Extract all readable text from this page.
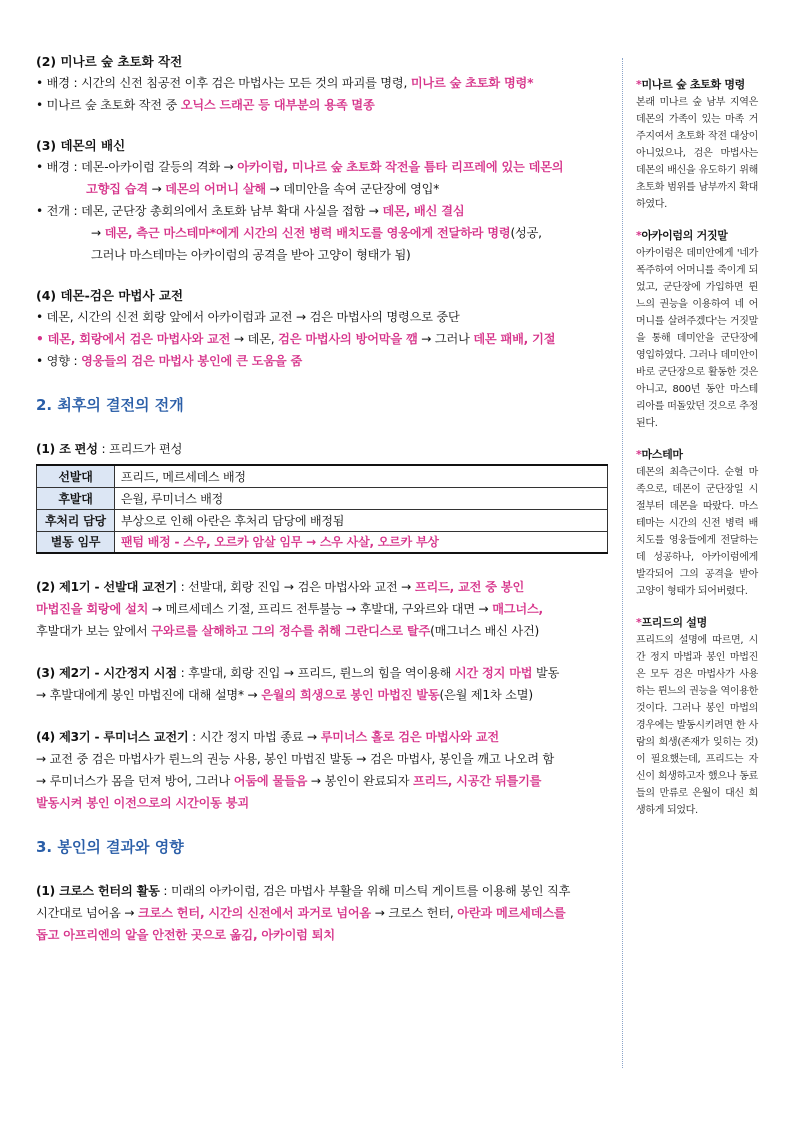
(2) 미나르 숲 초토화 작전
• 배경 : 시간의 신전 침공전 이후 검은 마법사는 모든 것의 파괴를 명령, 미나르 숲 초토화 명령*
• 미나르 숲 초토화 작전 중 오닉스 드래곤 등 대부분의 용족 멸종
(3) 데몬의 배신
• 배경 : 데몬-아카이럼 갈등의 격화 → 아카이럼, 미나르 숲 초토화 작전을 틈타 리프레에 있는 데몬의
고향집 습격 → 데몬의 어머니 살해 → 데미안을 속여 군단장에 영입*
• 전개 : 데몬, 군단장 총회의에서 초토화 남부 확대 사실을 접함 → 데몬, 배신 결심
→ 데몬, 측근 마스테마*에게 시간의 신전 병력 배치도를 영웅에게 전달하라 명령(성공,
그러나 마스테마는 아카이럼의 공격을 받아 고양이 형태가 됨)
(4) 데몬-검은 마법사 교전
• 데몬, 시간의 신전 회랑 앞에서 아카이럼과 교전 → 검은 마법사의 명령으로 중단
• 데몬, 회랑에서 검은 마법사와 교전 → 데몬, 검은 마법사의 방어막을 깸 → 그러나 데몬 패배, 기절
• 영향 : 영웅들의 검은 마법사 봉인에 큰 도움을 줌
2. 최후의 결전의 전개
(1) 조 편성 : 프리드가 편성
선발대	프리드, 메르세데스 배정
후발대	은월, 루미너스 배정
후처리 담당	부상으로 인해 아란은 후처리 담당에 배정됨
별동 임무	팬텀 배정 - 스우, 오르카 암살 임무 → 스우 사살, 오르카 부상
(2) 제1기 - 선발대 교전기 : 선발대, 회랑 진입 → 검은 마법사와 교전 → 프리드, 교전 중 봉인
마법진을 회랑에 설치 → 메르세데스 기절, 프리드 전투불능 → 후발대, 구와르와 대면 → 매그너스,
후발대가 보는 앞에서 구와르를 살해하고 그의 정수를 취해 그란디스로 탈주(매그너스 배신 사건)
(3) 제2기 - 시간정지 시점 : 후발대, 회랑 진입 → 프리드, 륀느의 힘을 역이용해 시간 정지 마법 발동
→ 후발대에게 봉인 마법진에 대해 설명* → 은월의 희생으로 봉인 마법진 발동(은월 제1차 소멸)
(4) 제3기 - 루미너스 교전기 : 시간 정지 마법 종료 → 루미너스 홀로 검은 마법사와 교전
→ 교전 중 검은 마법사가 륀느의 권능 사용, 봉인 마법진 발동 → 검은 마법사, 봉인을 깨고 나오려 함
→ 루미너스가 몸을 던져 방어, 그러나 어둠에 물들음 → 봉인이 완료되자 프리드, 시공간 뒤틀기를
발동시켜 봉인 이전으로의 시간이동 붕괴
3. 봉인의 결과와 영향
(1) 크로스 헌터의 활동 : 미래의 아카이럼, 검은 마법사 부활을 위해 미스틱 게이트를 이용해 봉인 직후
시간대로 넘어옴 → 크로스 헌터, 시간의 신전에서 과거로 넘어옴 → 크로스 헌터, 아란과 메르세데스를
돕고 아프리엔의 알을 안전한 곳으로 옮김, 아카이럼 퇴치
*미나르 숲 초토화 명령

본래 미나르 숲 남부 지역은 데몬의 가족이 있는 마족 거주지여서 초토화 작전 대상이 아니었으나, 검은 마법사는 데몬의 배신을 유도하기 위해 초토화 범위를 남부까지 확대하였다.

*아카이럼의 거짓말

아카이럼은 데미안에게 '네가 폭주하여 어머니를 죽이게 되었고, 군단장에 가입하면 륀느의 권능을 이용하여 네 어머니를 살려주겠다'는 거짓말을 통해 데미안을 군단장에 영입하였다. 그러나 데미안이 바로 군단장으로 활동한 것은 아니고, 800년 동안 마스테리아를 떠돌았던 것으로 추정된다.

*마스테마

데몬의 최측근이다. 순혈 마족으로, 데몬이 군단장일 시절부터 데몬을 따랐다. 마스테마는 시간의 신전 병력 배치도를 영웅들에게 전달하는 데 성공하나, 아카이럼에게 발각되어 그의 공격을 받아 고양이 형태가 되어버렸다.

*프리드의 설명

프리드의 설명에 따르면, 시간 정지 마법과 봉인 마법진은 모두 검은 마법사가 사용하는 륀느의 권능을 역이용한 것이다. 그러나 봉인 마법의 경우에는 발동시키려면 한 사람의 희생(존재가 잊히는 것)이 필요했는데, 프리드는 자신이 희생하고자 했으나 동료들의 만류로 은월이 대신 희생하게 되었다.
